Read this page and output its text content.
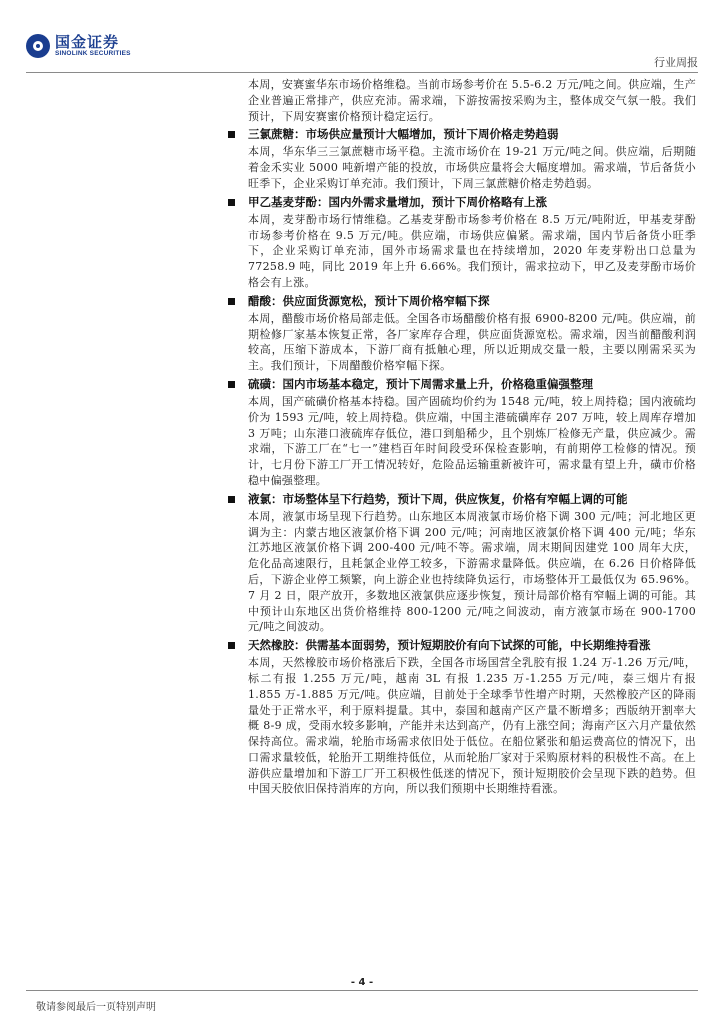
国金证券
SINOLINK SECURITIES
行业周报

本周，安赛蜜华东市场价格维稳。当前市场参考价在 5.5-6.2 万元/吨之间。供应端，生产企业普遍正常排产，供应充沛。需求端，下游按需按采购为主，整体成交气氛一般。我们预计，下周安赛蜜价格预计稳定运行。

三氯蔗糖：市场供应量预计大幅增加，预计下周价格走势趋弱

本周，华东华三三氯蔗糖市场平稳。主流市场价在 19-21 万元/吨之间。供应端，后期随着金禾实业 5000 吨新增产能的投放，市场供应量将会大幅度增加。需求端，节后备货小旺季下，企业采购订单充沛。我们预计，下周三氯蔗糖价格走势趋弱。

甲乙基麦芽酚：国内外需求量增加，预计下周价格略有上涨

本周，麦芽酚市场行情维稳。乙基麦芽酚市场参考价格在 8.5 万元/吨附近，甲基麦芽酚市场参考价格在 9.5 万元/吨。供应端，市场供应偏紧。需求端，国内节后备货小旺季下，企业采购订单充沛，国外市场需求量也在持续增加，2020 年麦芽粉出口总量为 77258.9 吨，同比 2019 年上升 6.66%。我们预计，需求拉动下，甲乙及麦芽酚市场价格会有上涨。

醋酸：供应面货源宽松，预计下周价格窄幅下探

本周，醋酸市场价格局部走低。全国各市场醋酸价格有报 6900-8200 元/吨。供应端，前期检修厂家基本恢复正常，各厂家库存合理，供应面货源宽松。需求端，因当前醋酸利润较高，压缩下游成本，下游厂商有抵触心理，所以近期成交量一般，主要以刚需采买为主。我们预计，下周醋酸价格窄幅下探。

硫磺：国内市场基本稳定，预计下周需求量上升，价格稳重偏强整理

本周，国产硫磺价格基本持稳。国产固硫均价约为 1548 元/吨，较上周持稳；国内液硫均价为 1593 元/吨，较上周持稳。供应端，中国主港硫磺库存 207 万吨，较上周库存增加 3 万吨；山东港口液硫库存低位，港口到船稀少，且个别炼厂检修无产量，供应减少。需求端，下游工厂在“七一”建档百年时间段受环保检查影响，有前期停工检修的情况。预计，七月份下游工厂开工情况转好，危险品运输重新被许可，需求量有望上升，磺市价格稳中偏强整理。

液氯：市场整体呈下行趋势，预计下周，供应恢复，价格有窄幅上调的可能

本周，液氯市场呈现下行趋势。山东地区本周液氯市场价格下调 300 元/吨；河北地区更调为主：内蒙古地区液氯价格下调 200 元/吨；河南地区液氯价格下调 400 元/吨；华东江苏地区液氯价格下调 200-400 元/吨不等。需求端，周末期间因建党 100 周年大庆，危化品高速限行，且耗氯企业停工较多，下游需求量降低。供应端，在 6.26 日价格降低后，下游企业停工频繁，向上游企业也持续降负运行，市场整体开工最低仅为 65.96%。7 月 2 日，限产放开，多数地区液氯供应逐步恢复，预计局部价格有窄幅上调的可能。其中预计山东地区出货价格维持 800-1200 元/吨之间波动，南方液氯市场在 900-1700 元/吨之间波动。

天然橡胶：供需基本面弱势，预计短期胶价有向下试探的可能，中长期维持看涨

本周，天然橡胶市场价格涨后下跌，全国各市场国营全乳胶有报 1.24 万-1.26 万元/吨，标二有报 1.255 万元/吨，越南 3L 有报 1.235 万-1.255 万元/吨，泰三烟片有报 1.855 万-1.885 万元/吨。供应端，目前处于全球季节性增产时期，天然橡胶产区的降雨量处于正常水平，利于原料提量。其中，泰国和越南产区产量不断增多；西版纳开割率大概 8-9 成，受雨水较多影响，产能并未达到高产，仍有上涨空间；海南产区六月产量依然保持高位。需求端，轮胎市场需求依旧处于低位。在船位紧张和船运费高位的情况下，出口需求量较低，轮胎开工期维持低位，从而轮胎厂家对于采购原材料的积极性不高。在上游供应量增加和下游工厂开工积极性低迷的情况下，预计短期胶价会呈现下跌的趋势。但中国天胶依旧保持消库的方向，所以我们预期中长期维持看涨。

- 4 -
敬请参阅最后一页特别声明
